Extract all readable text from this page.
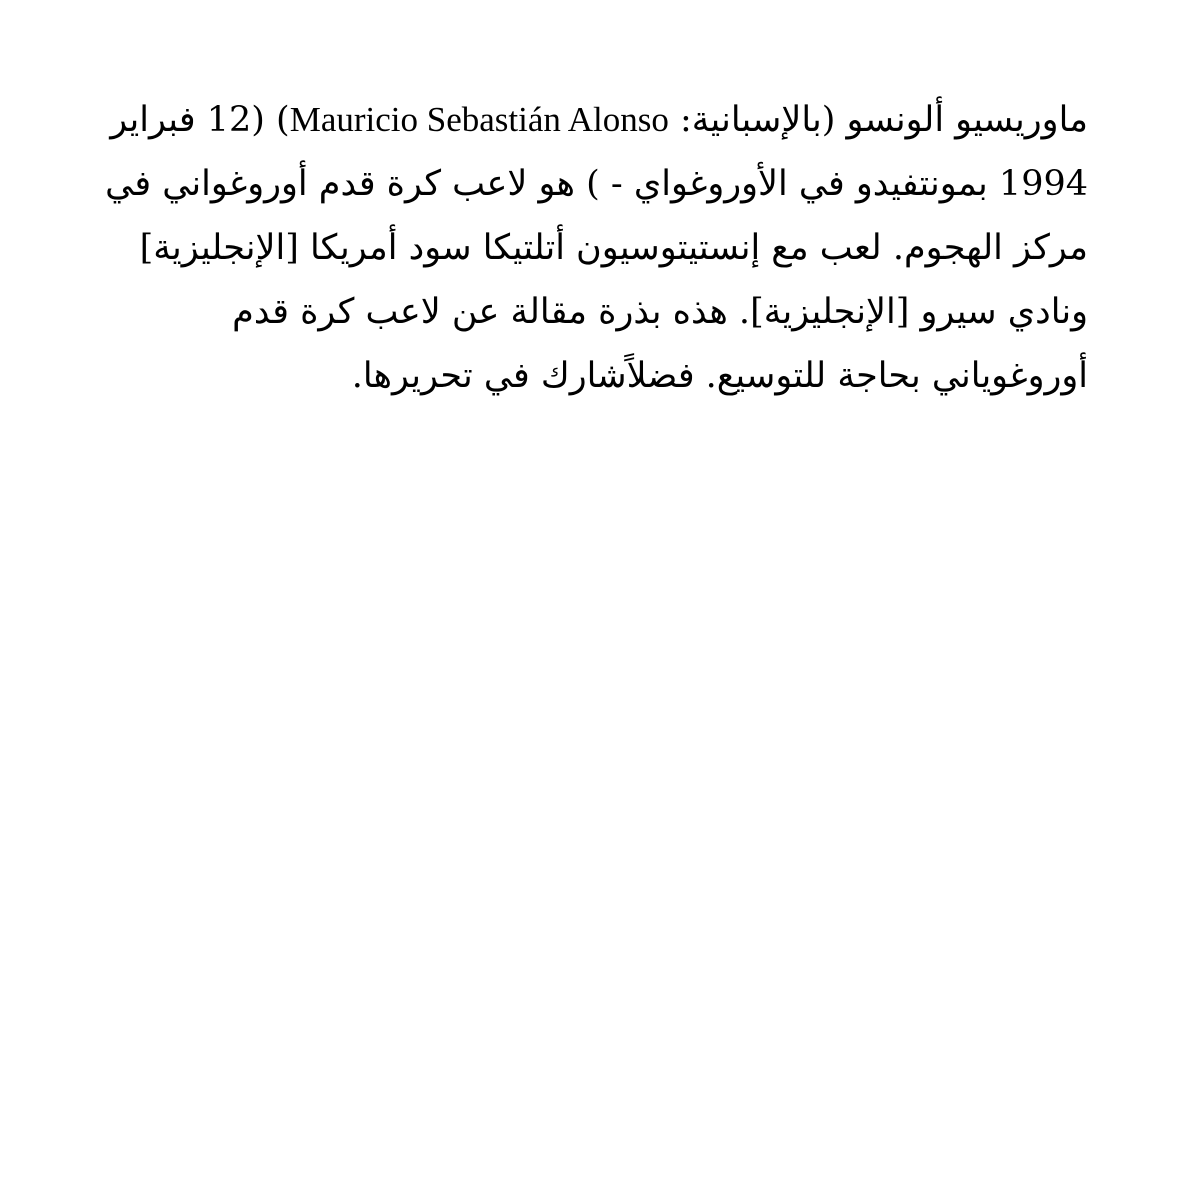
ماوريسيو ألونسو (بالإسبانية: Mauricio Sebastián Alonso) (12 فبراير 1994 بمونتفيدو في الأوروغواي - ) هو لاعب كرة قدم أوروغواني في مركز الهجوم. لعب مع إنستيتوسيون أتلتيكا سود أمريكا [الإنجليزية] ونادي سيرو [الإنجليزية]. هذه بذرة مقالة عن لاعب كرة قدم أوروغوياني بحاجة للتوسيع. فضلاًشارك في تحريرها.
